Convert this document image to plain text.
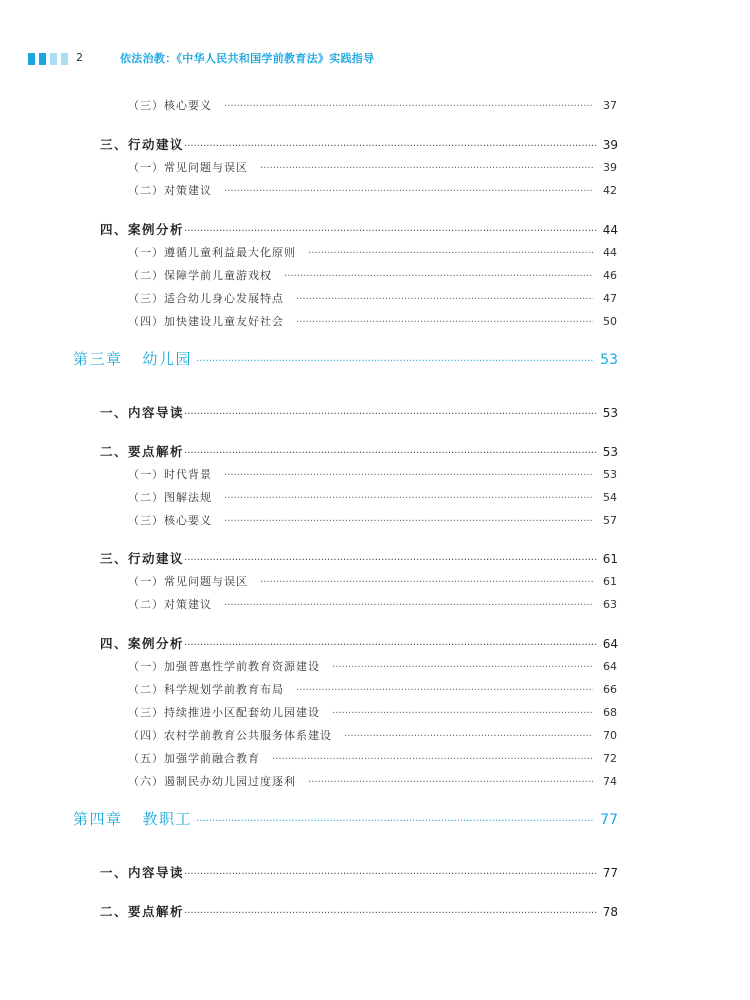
2	依法治教：《中华人民共和国学前教育法》实践指导
（三）核心要义 ·····	37
三、行动建议 ·····	39
（一）常见问题与误区 ·····	39
（二）对策建议 ·····	42
四、案例分析 ·····	44
（一）遵循儿童利益最大化原则 ·····	44
（二）保障学前儿童游戏权 ·····	46
（三）适合幼儿身心发展特点 ·····	47
（四）加快建设儿童友好社会 ·····	50
第三章 幼儿园 ·····	53
一、内容导读 ·····	53
二、要点解析 ·····	53
（一）时代背景 ·····	53
（二）图解法规 ·····	54
（三）核心要义 ·····	57
三、行动建议 ·····	61
（一）常见问题与误区 ·····	61
（二）对策建议 ·····	63
四、案例分析 ·····	64
（一）加强普惠性学前教育资源建设 ·····	64
（二）科学规划学前教育布局 ·····	66
（三）持续推进小区配套幼儿园建设 ·····	68
（四）农村学前教育公共服务体系建设 ·····	70
（五）加强学前融合教育 ·····	72
（六）遏制民办幼儿园过度逐利 ·····	74
第四章 教职工 ·····	77
一、内容导读 ·····	77
二、要点解析 ·····	78
